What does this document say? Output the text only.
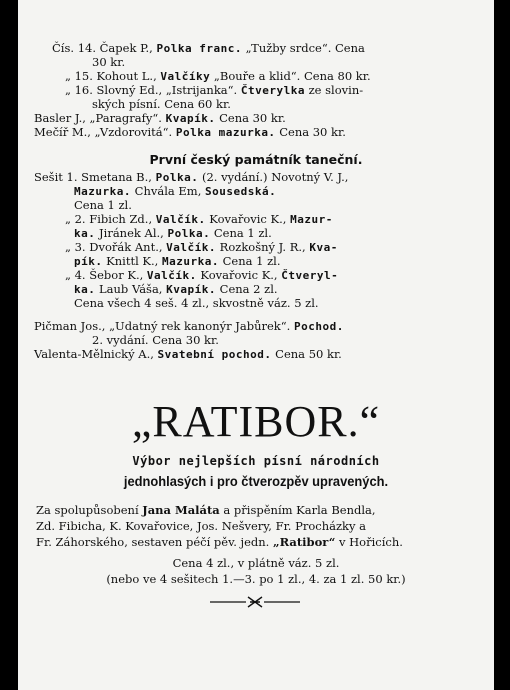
Čís. 14. Čapek P., Polka franc. „Tužby srdce“. Cena
30 kr.
„ 15. Kohout L., Valčíky „Bouře a klid“. Cena 80 kr.
„ 16. Slovný Ed., „Istrijanka“. Čtverylka ze slovin-
ských písní. Cena 60 kr.
Basler J., „Paragrafy“. Kvapík. Cena 30 kr.
Mečíř M., „Vzdorovitá“. Polka mazurka. Cena 30 kr.
První český památník taneční.
Sešit 1. Smetana B., Polka. (2. vydání.) Novotný V. J.,
Mazurka. Chvála Em, Sousedská.
Cena 1 zl.
„ 2. Fibich Zd., Valčík. Kovařovic K., Mazur-
ka. Jiránek Al., Polka. Cena 1 zl.
„ 3. Dvořák Ant., Valčík. Rozkošný J. R., Kva-
pík. Knittl K., Mazurka. Cena 1 zl.
„ 4. Šebor K., Valčík. Kovařovic K., Čtveryl-
ka. Laub Váša, Kvapík. Cena 2 zl.
Cena všech 4 seš. 4 zl., skvostně váz. 5 zl.
Pičman Jos., „Udatný rek kanonýr Jabůrek“. Pochod.
2. vydání. Cena 30 kr.
Valenta-Mělnický A., Svatební pochod. Cena 50 kr.
„RATIBOR.“
Výbor nejlepších písní národních
jednohlasých i pro čtverozpěv upravených.
Za spolupůsobení Jana Maláta a přispěním Karla Bendla,
Zd. Fibicha, K. Kovařovice, Jos. Nešvery, Fr. Procházky a
Fr. Záhorského, sestaven péčí pěv. jedn. „Ratibor“ v Hořicích.
Cena 4 zl., v plátně váz. 5 zl.
(nebo ve 4 sešitech 1.—3. po 1 zl., 4. za 1 zl. 50 kr.)
